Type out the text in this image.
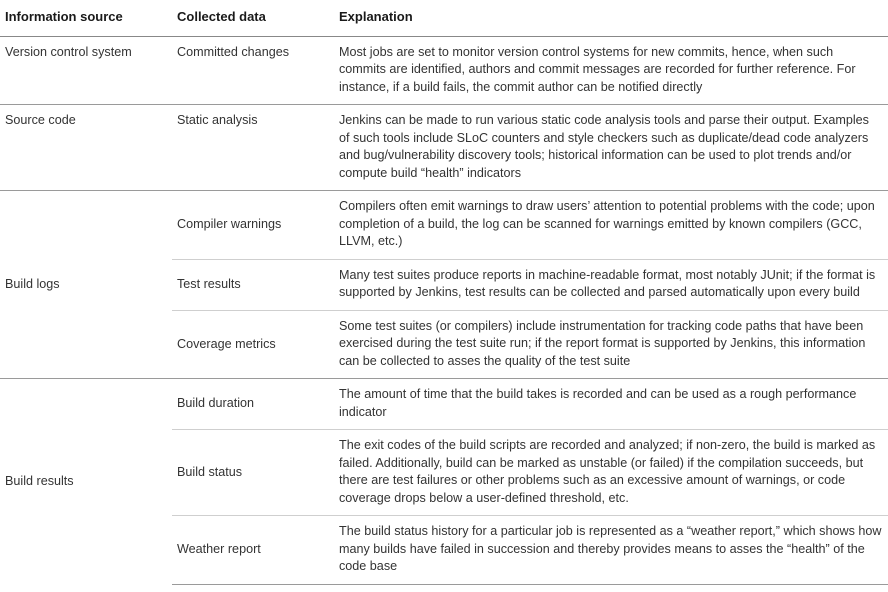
Information source	Collected data	Explanation
Version control system	Committed changes	Most jobs are set to monitor version control systems for new commits, hence, when such commits are identified, authors and commit messages are recorded for further reference. For instance, if a build fails, the commit author can be notified directly
Source code	Static analysis	Jenkins can be made to run various static code analysis tools and parse their output. Examples of such tools include SLoC counters and style checkers such as duplicate/dead code analyzers and bug/vulnerability discovery tools; historical information can be used to plot trends and/or compute build “health” indicators
Build logs	Compiler warnings	Compilers often emit warnings to draw users’ attention to potential problems with the code; upon completion of a build, the log can be scanned for warnings emitted by known compilers (GCC, LLVM, etc.)
	Test results	Many test suites produce reports in machine-readable format, most notably JUnit; if the format is supported by Jenkins, test results can be collected and parsed automatically upon every build
	Coverage metrics	Some test suites (or compilers) include instrumentation for tracking code paths that have been exercised during the test suite run; if the report format is supported by Jenkins, this information can be collected to asses the quality of the test suite
Build results	Build duration	The amount of time that the build takes is recorded and can be used as a rough performance indicator
	Build status	The exit codes of the build scripts are recorded and analyzed; if non-zero, the build is marked as failed. Additionally, build can be marked as unstable (or failed) if the compilation succeeds, but there are test failures or other problems such as an excessive amount of warnings, or code coverage drops below a user-defined threshold, etc.
	Weather report	The build status history for a particular job is represented as a “weather report,” which shows how many builds have failed in succession and thereby provides means to asses the “health” of the code base
